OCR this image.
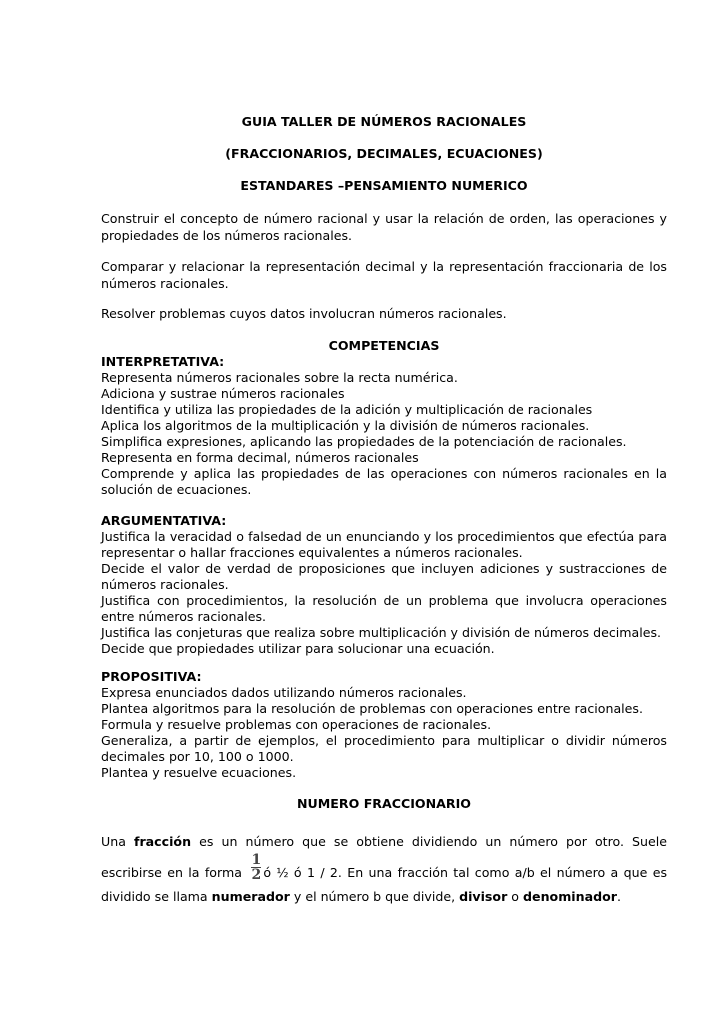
GUIA TALLER DE NÚMEROS RACIONALES

(FRACCIONARIOS, DECIMALES, ECUACIONES)

ESTANDARES –PENSAMIENTO NUMERICO

Construir el concepto de número racional y usar la relación de orden, las operaciones y propiedades de los números racionales.

Comparar y relacionar la representación decimal y la representación fraccionaria de los números racionales.

Resolver problemas cuyos datos involucran números racionales.

COMPETENCIAS

INTERPRETATIVA:

Representa números racionales sobre la recta numérica.

Adiciona y sustrae números racionales

Identifica y utiliza las propiedades de la adición y multiplicación de racionales

Aplica los algoritmos de la multiplicación y la división de números racionales.

Simplifica expresiones, aplicando las propiedades de la potenciación de racionales.

Representa en forma decimal, números racionales

Comprende y aplica las propiedades de las operaciones con números racionales en la solución de ecuaciones.

ARGUMENTATIVA:

Justifica la veracidad o falsedad de un enunciando y los procedimientos que efectúa para representar o hallar fracciones equivalentes a números racionales.

Decide el valor de verdad de proposiciones que incluyen adiciones y sustracciones de números racionales.

Justifica con procedimientos, la resolución de un problema que involucra operaciones entre números racionales.

Justifica las conjeturas que realiza sobre multiplicación y división de números decimales.

Decide que propiedades utilizar para solucionar una ecuación.

PROPOSITIVA:

Expresa enunciados dados utilizando números racionales.

Plantea algoritmos para la resolución de problemas con operaciones entre racionales.

Formula y resuelve problemas con operaciones de racionales.

Generaliza, a partir de ejemplos, el procedimiento para multiplicar o dividir números decimales por 10, 100 o 1000.

Plantea y resuelve ecuaciones.

NUMERO FRACCIONARIO

Una fracción es un número que se obtiene dividiendo un número por otro. Suele escribirse en la forma $\frac{1}{2}$ ó ½ ó 1 / 2. En una fracción tal como a/b el número a que es dividido se llama numerador y el número b que divide, divisor o denominador.
